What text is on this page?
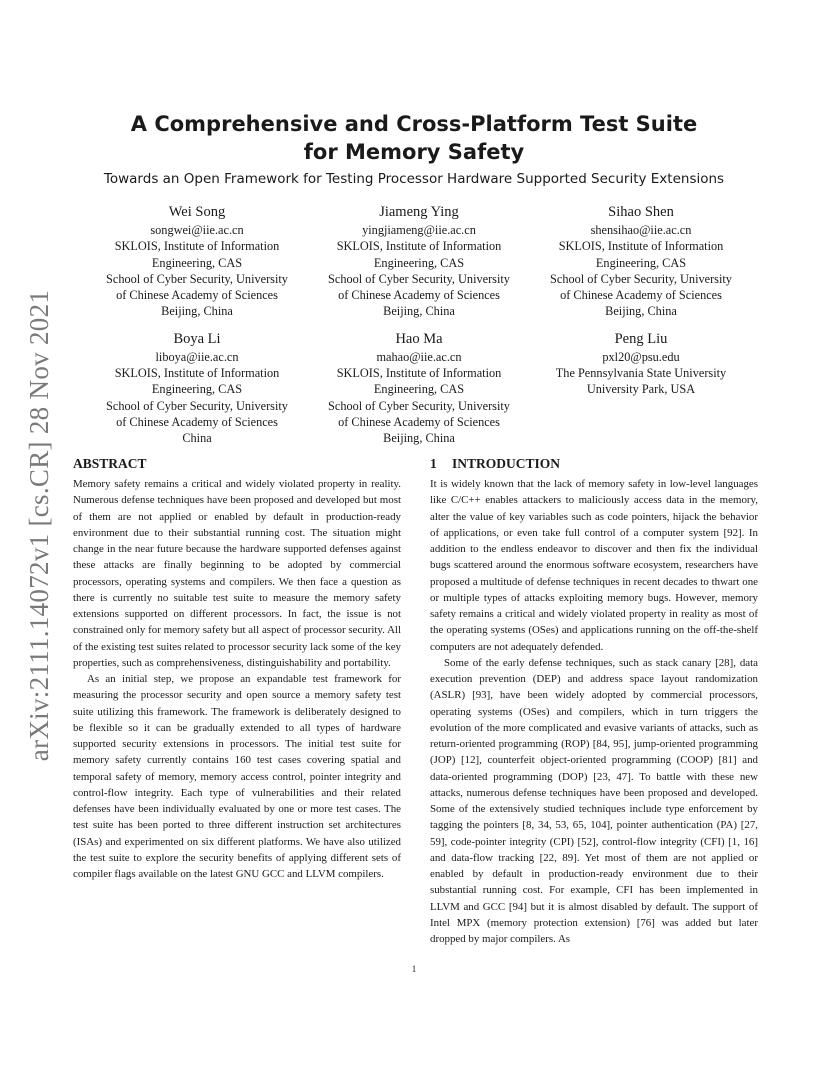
arXiv:2111.14072v1 [cs.CR] 28 Nov 2021
A Comprehensive and Cross-Platform Test Suite
for Memory Safety

Towards an Open Framework for Testing Processor Hardware Supported Security Extensions

Wei Song
songwei@iie.ac.cn
SKLOIS, Institute of Information
Engineering, CAS
School of Cyber Security, University
of Chinese Academy of Sciences
Beijing, China
Jiameng Ying
yingjiameng@iie.ac.cn
SKLOIS, Institute of Information
Engineering, CAS
School of Cyber Security, University
of Chinese Academy of Sciences
Beijing, China
Sihao Shen
shensihao@iie.ac.cn
SKLOIS, Institute of Information
Engineering, CAS
School of Cyber Security, University
of Chinese Academy of Sciences
Beijing, China
Boya Li
liboya@iie.ac.cn
SKLOIS, Institute of Information
Engineering, CAS
School of Cyber Security, University
of Chinese Academy of Sciences
China
Hao Ma
mahao@iie.ac.cn
SKLOIS, Institute of Information
Engineering, CAS
School of Cyber Security, University
of Chinese Academy of Sciences
Beijing, China
Peng Liu
pxl20@psu.edu
The Pennsylvania State University
University Park, USA
ABSTRACT

Memory safety remains a critical and widely violated property in reality. Numerous defense techniques have been proposed and developed but most of them are not applied or enabled by default in production-ready environment due to their substantial running cost. The situation might change in the near future because the hardware supported defenses against these attacks are finally beginning to be adopted by commercial processors, operating systems and compilers. We then face a question as there is currently no suitable test suite to measure the memory safety extensions supported on different processors. In fact, the issue is not constrained only for memory safety but all aspect of processor security. All of the existing test suites related to processor security lack some of the key properties, such as comprehensiveness, distinguishability and portability.

As an initial step, we propose an expandable test framework for measuring the processor security and open source a memory safety test suite utilizing this framework. The framework is deliberately designed to be flexible so it can be gradually extended to all types of hardware supported security extensions in processors. The initial test suite for memory safety currently contains 160 test cases covering spatial and temporal safety of memory, memory access control, pointer integrity and control-flow integrity. Each type of vulnerabilities and their related defenses have been individually evaluated by one or more test cases. The test suite has been ported to three different instruction set architectures (ISAs) and experimented on six different platforms. We have also utilized the test suite to explore the security benefits of applying different sets of compiler flags available on the latest GNU GCC and LLVM compilers.

1 INTRODUCTION

It is widely known that the lack of memory safety in low-level languages like C/C++ enables attackers to maliciously access data in the memory, alter the value of key variables such as code pointers, hijack the behavior of applications, or even take full control of a computer system [92]. In addition to the endless endeavor to discover and then fix the individual bugs scattered around the enormous software ecosystem, researchers have proposed a multitude of defense techniques in recent decades to thwart one or multiple types of attacks exploiting memory bugs. However, memory safety remains a critical and widely violated property in reality as most of the operating systems (OSes) and applications running on the off-the-shelf computers are not adequately defended.

Some of the early defense techniques, such as stack canary [28], data execution prevention (DEP) and address space layout randomization (ASLR) [93], have been widely adopted by commercial processors, operating systems (OSes) and compilers, which in turn triggers the evolution of the more complicated and evasive variants of attacks, such as return-oriented programming (ROP) [84, 95], jump-oriented programming (JOP) [12], counterfeit object-oriented programming (COOP) [81] and data-oriented programming (DOP) [23, 47]. To battle with these new attacks, numerous defense techniques have been proposed and developed. Some of the extensively studied techniques include type enforcement by tagging the pointers [8, 34, 53, 65, 104], pointer authentication (PA) [27, 59], code-pointer integrity (CPI) [52], control-flow integrity (CFI) [1, 16] and data-flow tracking [22, 89]. Yet most of them are not applied or enabled by default in production-ready environment due to their substantial running cost. For example, CFI has been implemented in LLVM and GCC [94] but it is almost disabled by default. The support of Intel MPX (memory protection extension) [76] was added but later dropped by major compilers. As

1
